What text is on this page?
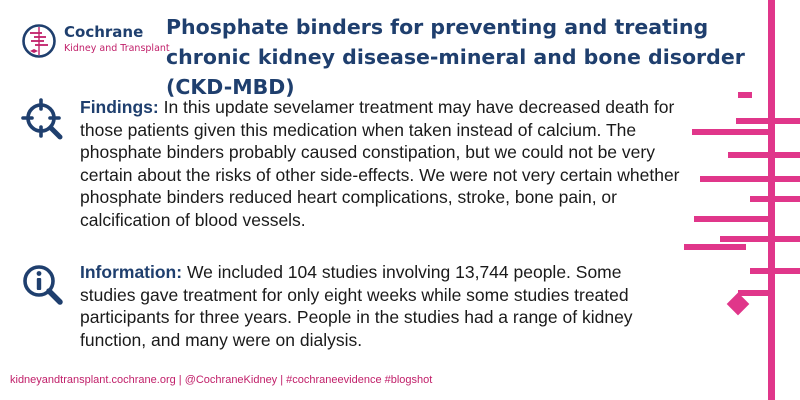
Cochrane
Kidney and Transplant
Phosphate binders for preventing and treating chronic kidney disease-mineral and bone disorder (CKD-MBD)

Findings: In this update sevelamer treatment may have decreased death for those patients given this medication when taken instead of calcium. The phosphate binders probably caused constipation, but we could not be very certain about the risks of other side-effects. We were not very certain whether phosphate binders reduced heart complications, stroke, bone pain, or calcification of blood vessels.

Information: We included 104 studies involving 13,744 people. Some studies gave treatment for only eight weeks while some studies treated participants for three years. People in the studies had a range of kidney function, and many were on dialysis.

kidneyandtransplant.cochrane.org | @CochraneKidney | #cochraneevidence #blogshot
